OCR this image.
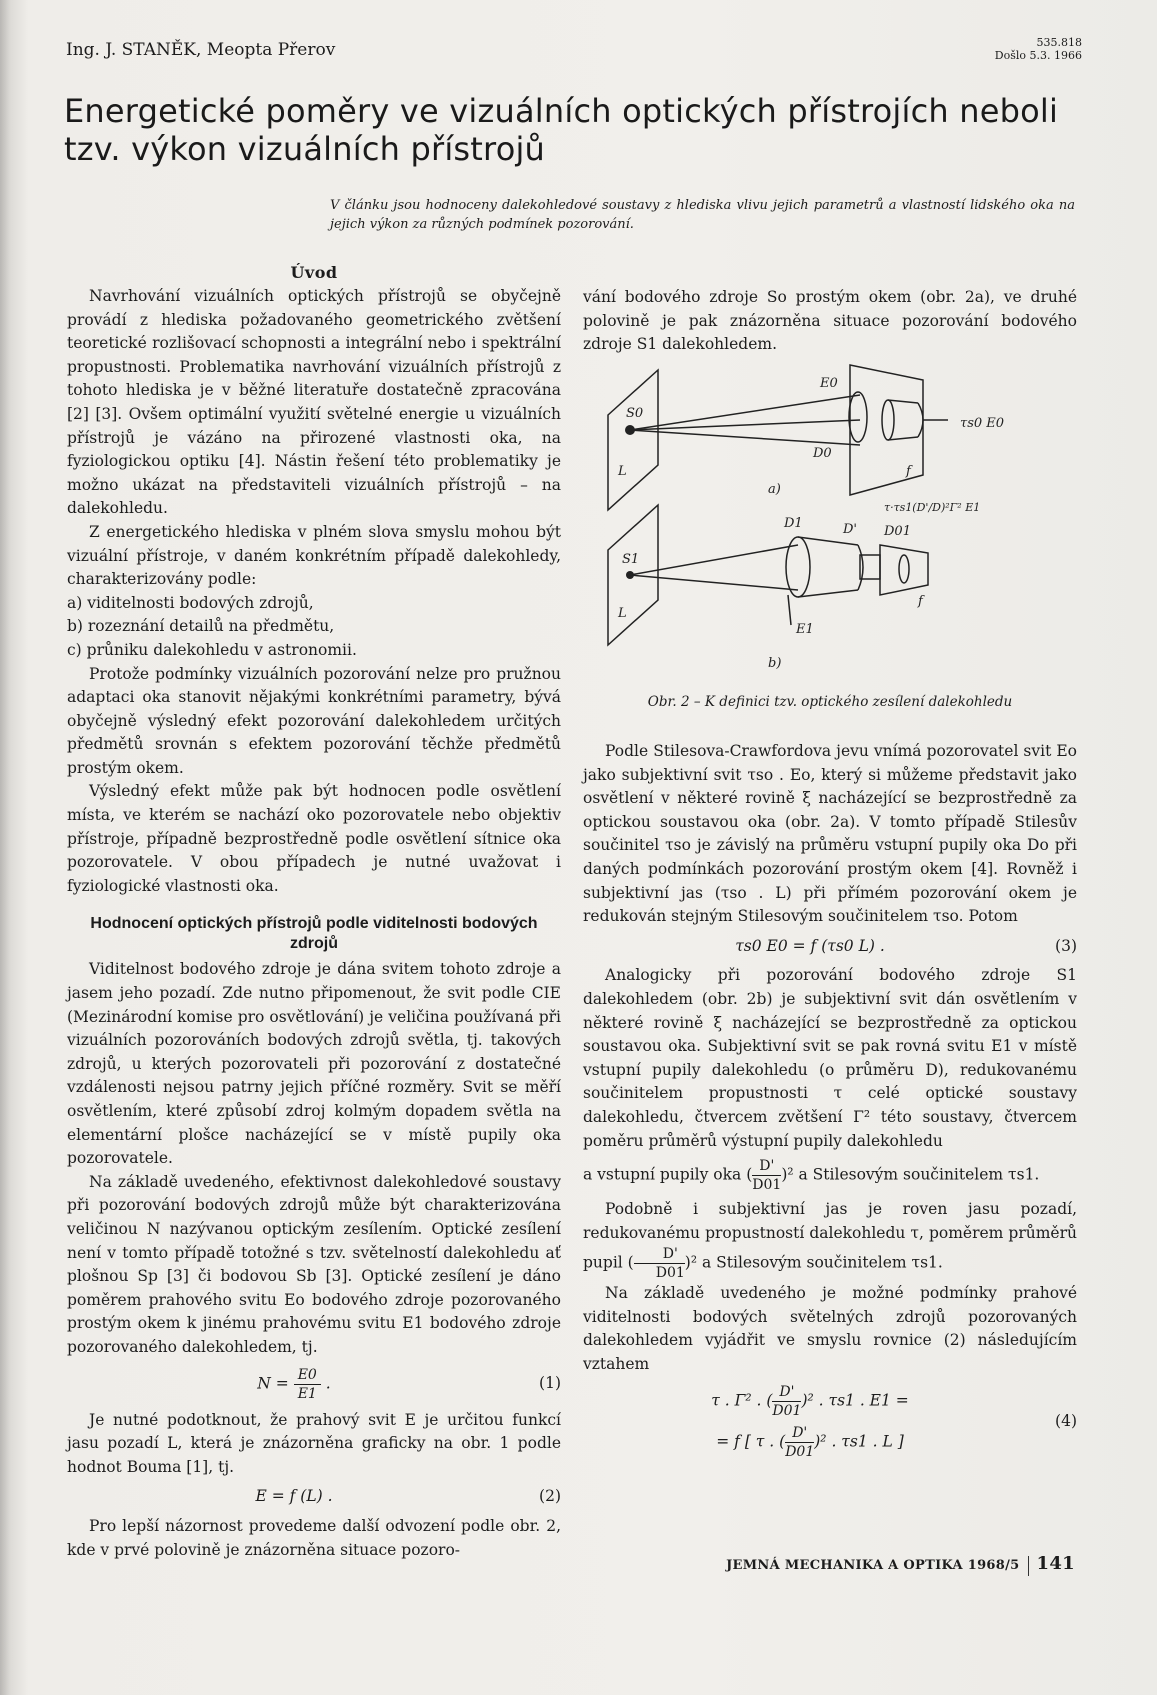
Ing. J. STANĚK, Meopta Přerov	535.818
Došlo 5.3. 1966
Energetické poměry ve vizuálních optických přístrojích neboli tzv. výkon vizuálních přístrojů
V článku jsou hodnoceny dalekohledové soustavy z hlediska vlivu jejich parametrů a vlastností lidského oka na jejich výkon za různých podmínek pozorování.
Úvod

Navrhování vizuálních optických přístrojů se obyčejně provádí z hlediska požadovaného geometrického zvětšení teoretické rozlišovací schopnosti a integrální nebo i spektrální propustnosti. Problematika navrhování vizuálních přístrojů z tohoto hlediska je v běžné literatuře dostatečně zpracována [2] [3]. Ovšem optimální využití světelné energie u vizuálních přístrojů je vázáno na přirozené vlastnosti oka, na fyziologickou optiku [4]. Nástin řešení této problematiky je možno ukázat na představiteli vizuálních přístrojů – na dalekohledu.

Z energetického hlediska v plném slova smyslu mohou být vizuální přístroje, v daném konkrétním případě dalekohledy, charakterizovány podle:

a) viditelnosti bodových zdrojů,
b) rozeznání detailů na předmětu,
c) průniku dalekohledu v astronomii.

Protože podmínky vizuálních pozorování nelze pro pružnou adaptaci oka stanovit nějakými konkrétními parametry, bývá obyčejně výsledný efekt pozorování dalekohledem určitých předmětů srovnán s efektem pozorování těchže předmětů prostým okem.

Výsledný efekt může pak být hodnocen podle osvětlení místa, ve kterém se nachází oko pozorovatele nebo objektiv přístroje, případně bezprostředně podle osvětlení sítnice oka pozorovatele. V obou případech je nutné uvažovat i fyziologické vlastnosti oka.

Hodnocení optických přístrojů podle viditelnosti bodových zdrojů

Viditelnost bodového zdroje je dána svitem tohoto zdroje a jasem jeho pozadí. Zde nutno připomenout, že svit podle CIE (Mezinárodní komise pro osvětlování) je veličina používaná při vizuálních pozorováních bodových zdrojů světla, tj. takových zdrojů, u kterých pozorovateli při pozorování z dostatečné vzdálenosti nejsou patrny jejich příčné rozměry. Svit se měří osvětlením, které způsobí zdroj kolmým dopadem světla na elementární plošce nacházející se v místě pupily oka pozorovatele.

Na základě uvedeného, efektivnost dalekohledové soustavy při pozorování bodových zdrojů může být charakterizována veličinou N nazývanou optickým zesílením. Optické zesílení není v tomto případě totožné s tzv. světelností dalekohledu ať plošnou Sp [3] či bodovou Sb [3]. Optické zesílení je dáno poměrem prahového svitu Eo bodového zdroje pozorovaného prostým okem k jinému prahovému svitu E1 bodového zdroje pozorovaného dalekohledem, tj.

$N = \frac{E0}{E1}$ .	(1)

Je nutné podotknout, že prahový svit E je určitou funkcí jasu pozadí L, která je znázorněna graficky na obr. 1 podle hodnot Bouma [1], tj.

E = f (L) .	(2)

Pro lepší názornost provedeme další odvození podle obr. 2, kde v prvé polovině je znázorněna situace pozoro-

vání bodového zdroje So prostým okem (obr. 2a), ve druhé polovině je pak znázorněna situace pozorování bodového zdroje S1 dalekohledem.

L
S0
a)
E0
D0
f
τs0 E0
L
S1
b)
D1	D' D01
E1
f
τ·τs1(D'/D)²Γ² E1
Obr. 2 – K definici tzv. optického zesílení dalekohledu

Podle Stilesova-Crawfordova jevu vnímá pozorovatel svit Eo jako subjektivní svit τso . Eo, který si můžeme představit jako osvětlení v některé rovině ξ nacházející se bezprostředně za optickou soustavou oka (obr. 2a). V tomto případě Stilesův součinitel τso je závislý na průměru vstupní pupily oka Do při daných podmínkách pozorování prostým okem [4]. Rovněž i subjektivní jas (τso . L) při přímém pozorování okem je redukován stejným Stilesovým součinitelem τso. Potom

τs0 E0 = f (τs0 L) .	(3)

Analogicky při pozorování bodového zdroje S1 dalekohledem (obr. 2b) je subjektivní svit dán osvětlením v některé rovině ξ nacházející se bezprostředně za optickou soustavou oka. Subjektivní svit se pak rovná svitu E1 v místě vstupní pupily dalekohledu (o průměru D), redukovanému součinitelem propustnosti τ celé optické soustavy dalekohledu, čtvercem zvětšení Γ² této soustavy, čtvercem poměru průměrů výstupní pupily dalekohledu

a vstupní pupily oka ( $\frac{D'}{D01} )^2$ a Stilesovým součinitelem τs1.

Podobně i subjektivní jas je roven jasu pozadí, redukovanému propustností dalekohledu τ, poměrem průměrů pupil ( $\frac{D'}{D01} )^2$ a Stilesovým součinitelem τs1.

Na základě uvedeného je možné podmínky prahové viditelnosti bodových světelných zdrojů pozorovaných dalekohledem vyjádřit ve smyslu rovnice (2) následujícím vztahem

τ . Γ² . ( $\frac{D'}{D01} )^2$ . τs1 . E1 =
= f [ τ . ( $\frac{D'}{D01} )^2$ . τs1 . L ]
(4)
JEMNÁ MECHANIKA A OPTIKA 1968/5 141
